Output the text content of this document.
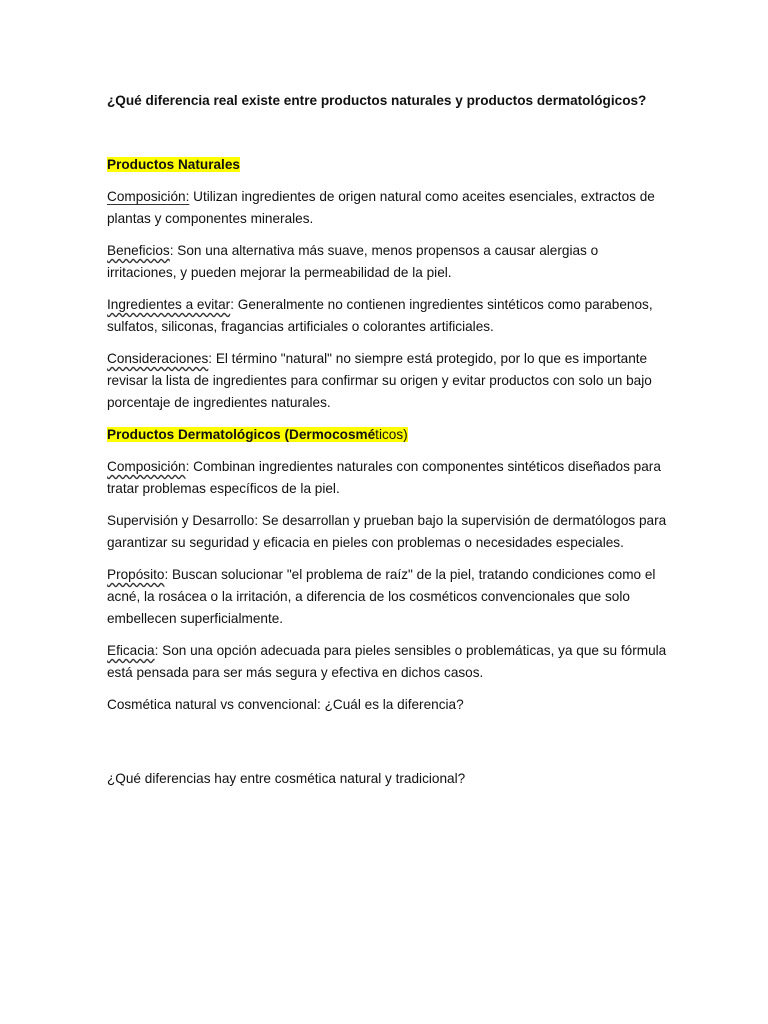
¿Qué diferencia real existe entre productos naturales y productos dermatológicos?
Productos Naturales

Composición: Utilizan ingredientes de origen natural como aceites esenciales, extractos de plantas y componentes minerales.

Beneficios: Son una alternativa más suave, menos propensos a causar alergias o irritaciones, y pueden mejorar la permeabilidad de la piel.

Ingredientes a evitar: Generalmente no contienen ingredientes sintéticos como parabenos, sulfatos, siliconas, fragancias artificiales o colorantes artificiales.

Consideraciones: El término "natural" no siempre está protegido, por lo que es importante revisar la lista de ingredientes para confirmar su origen y evitar productos con solo un bajo porcentaje de ingredientes naturales.

Productos Dermatológicos (Dermocosméticos)

Composición: Combinan ingredientes naturales con componentes sintéticos diseñados para tratar problemas específicos de la piel.

Supervisión y Desarrollo: Se desarrollan y prueban bajo la supervisión de dermatólogos para garantizar su seguridad y eficacia en pieles con problemas o necesidades especiales.

Propósito: Buscan solucionar "el problema de raíz" de la piel, tratando condiciones como el acné, la rosácea o la irritación, a diferencia de los cosméticos convencionales que solo embellecen superficialmente.

Eficacia: Son una opción adecuada para pieles sensibles o problemáticas, ya que su fórmula está pensada para ser más segura y efectiva en dichos casos.

Cosmética natural vs convencional: ¿Cuál es la diferencia?

¿Qué diferencias hay entre cosmética natural y tradicional?
